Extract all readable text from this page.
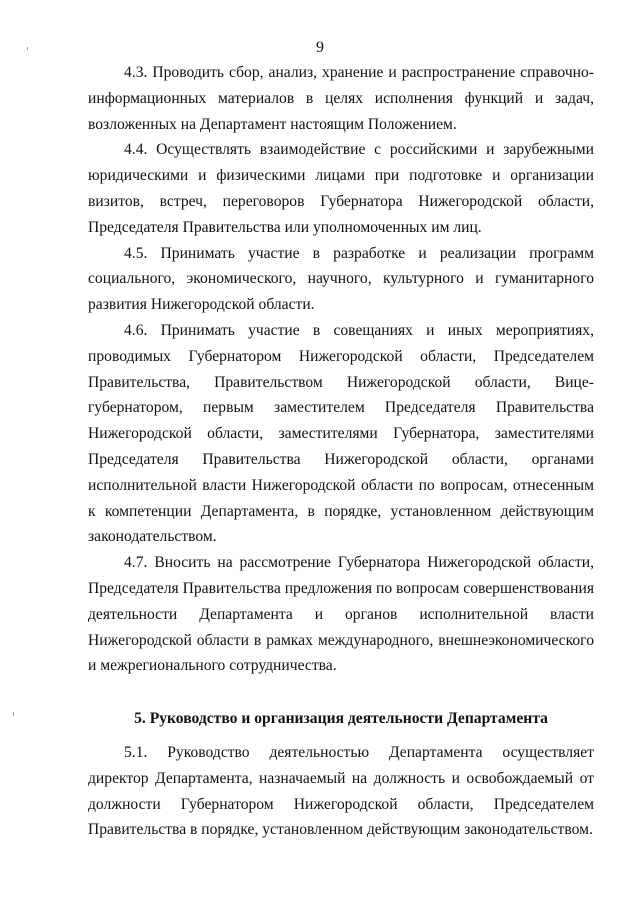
9

4.3. Проводить сбор, анализ, хранение и распространение справочно-информационных материалов в целях исполнения функций и задач, возложенных на Департамент настоящим Положением.

4.4. Осуществлять взаимодействие с российскими и зарубежными юридическими и физическими лицами при подготовке и организации визитов, встреч, переговоров Губернатора Нижегородской области, Председателя Правительства или уполномоченных им лиц.

4.5. Принимать участие в разработке и реализации программ социального, экономического, научного, культурного и гуманитарного развития Нижегородской области.

4.6. Принимать участие в совещаниях и иных мероприятиях, проводимых Губернатором Нижегородской области, Председателем Правительства, Правительством Нижегородской области, Вице-губернатором, первым заместителем Председателя Правительства Нижегородской области, заместителями Губернатора, заместителями Председателя Правительства Нижегородской области, органами исполнительной власти Нижегородской области по вопросам, отнесенным к компетенции Департамента, в порядке, установленном действующим законодательством.

4.7. Вносить на рассмотрение Губернатора Нижегородской области, Председателя Правительства предложения по вопросам совершенствования деятельности Департамента и органов исполнительной власти Нижегородской области в рамках международного, внешнеэкономического и межрегионального сотрудничества.

5. Руководство и организация деятельности Департамента

5.1. Руководство деятельностью Департамента осуществляет директор Департамента, назначаемый на должность и освобождаемый от должности Губернатором Нижегородской области, Председателем Правительства в порядке, установленном действующим законодательством.
